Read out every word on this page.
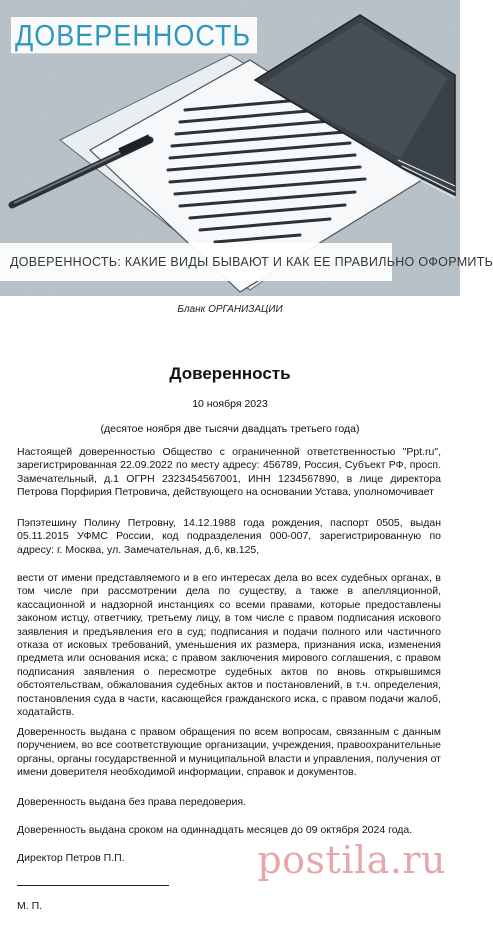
ДОВЕРЕННОСТЬ
ДОВЕРЕННОСТЬ: КАКИЕ ВИДЫ БЫВАЮТ И КАК ЕЕ ПРАВИЛЬНО ОФОРМИТЬ
Бланк ОРГАНИЗАЦИИ
Доверенность
10 ноября 2023
(десятое ноября две тысячи двадцать третьего года)
Настоящей доверенностью Общество с ограниченной ответственностью "Ppt.ru", зарегистрированная 22.09.2022 по месту адресу: 456789, Россия, Субъект РФ, просп. Замечательный, д.1 ОГРН 2323454567001, ИНН 1234567890, в лице директора Петрова Порфирия Петровича, действующего на основании Устава, уполномочивает
Пэпэтешину Полину Петровну, 14.12.1988 года рождения, паспорт 0505, выдан 05.11.2015 УФМС России, код подразделения 000-007, зарегистрированную по адресу: г. Москва, ул. Замечательная, д.6, кв.125,
вести от имени представляемого и в его интересах дела во всех судебных органах, в том числе при рассмотрении дела по существу, а также в апелляционной, кассационной и надзорной инстанциях со всеми правами, которые предоставлены законом истцу, ответчику, третьему лицу, в том числе с правом подписания искового заявления и предъявления его в суд; подписания и подачи полного или частичного отказа от исковых требований, уменьшения их размера, признания иска, изменения предмета или основания иска; с правом заключения мирового соглашения, с правом подписания заявления о пересмотре судебных актов по вновь открывшимся обстоятельствам, обжалования судебных актов и постановлений, в т.ч. определения, постановления суда в части, касающейся гражданского иска, с правом подачи жалоб, ходатайств.
Доверенность выдана с правом обращения по всем вопросам, связанным с данным поручением, во все соответствующие организации, учреждения, правоохранительные органы, органы государственной и муниципальной власти и управления, получения от имени доверителя необходимой информации, справок и документов.
Доверенность выдана без права передоверия.
Доверенность выдана сроком на одиннадцать месяцев до 09 октября 2024 года.
Директор Петров П.П.
М. П.
postila.ru
